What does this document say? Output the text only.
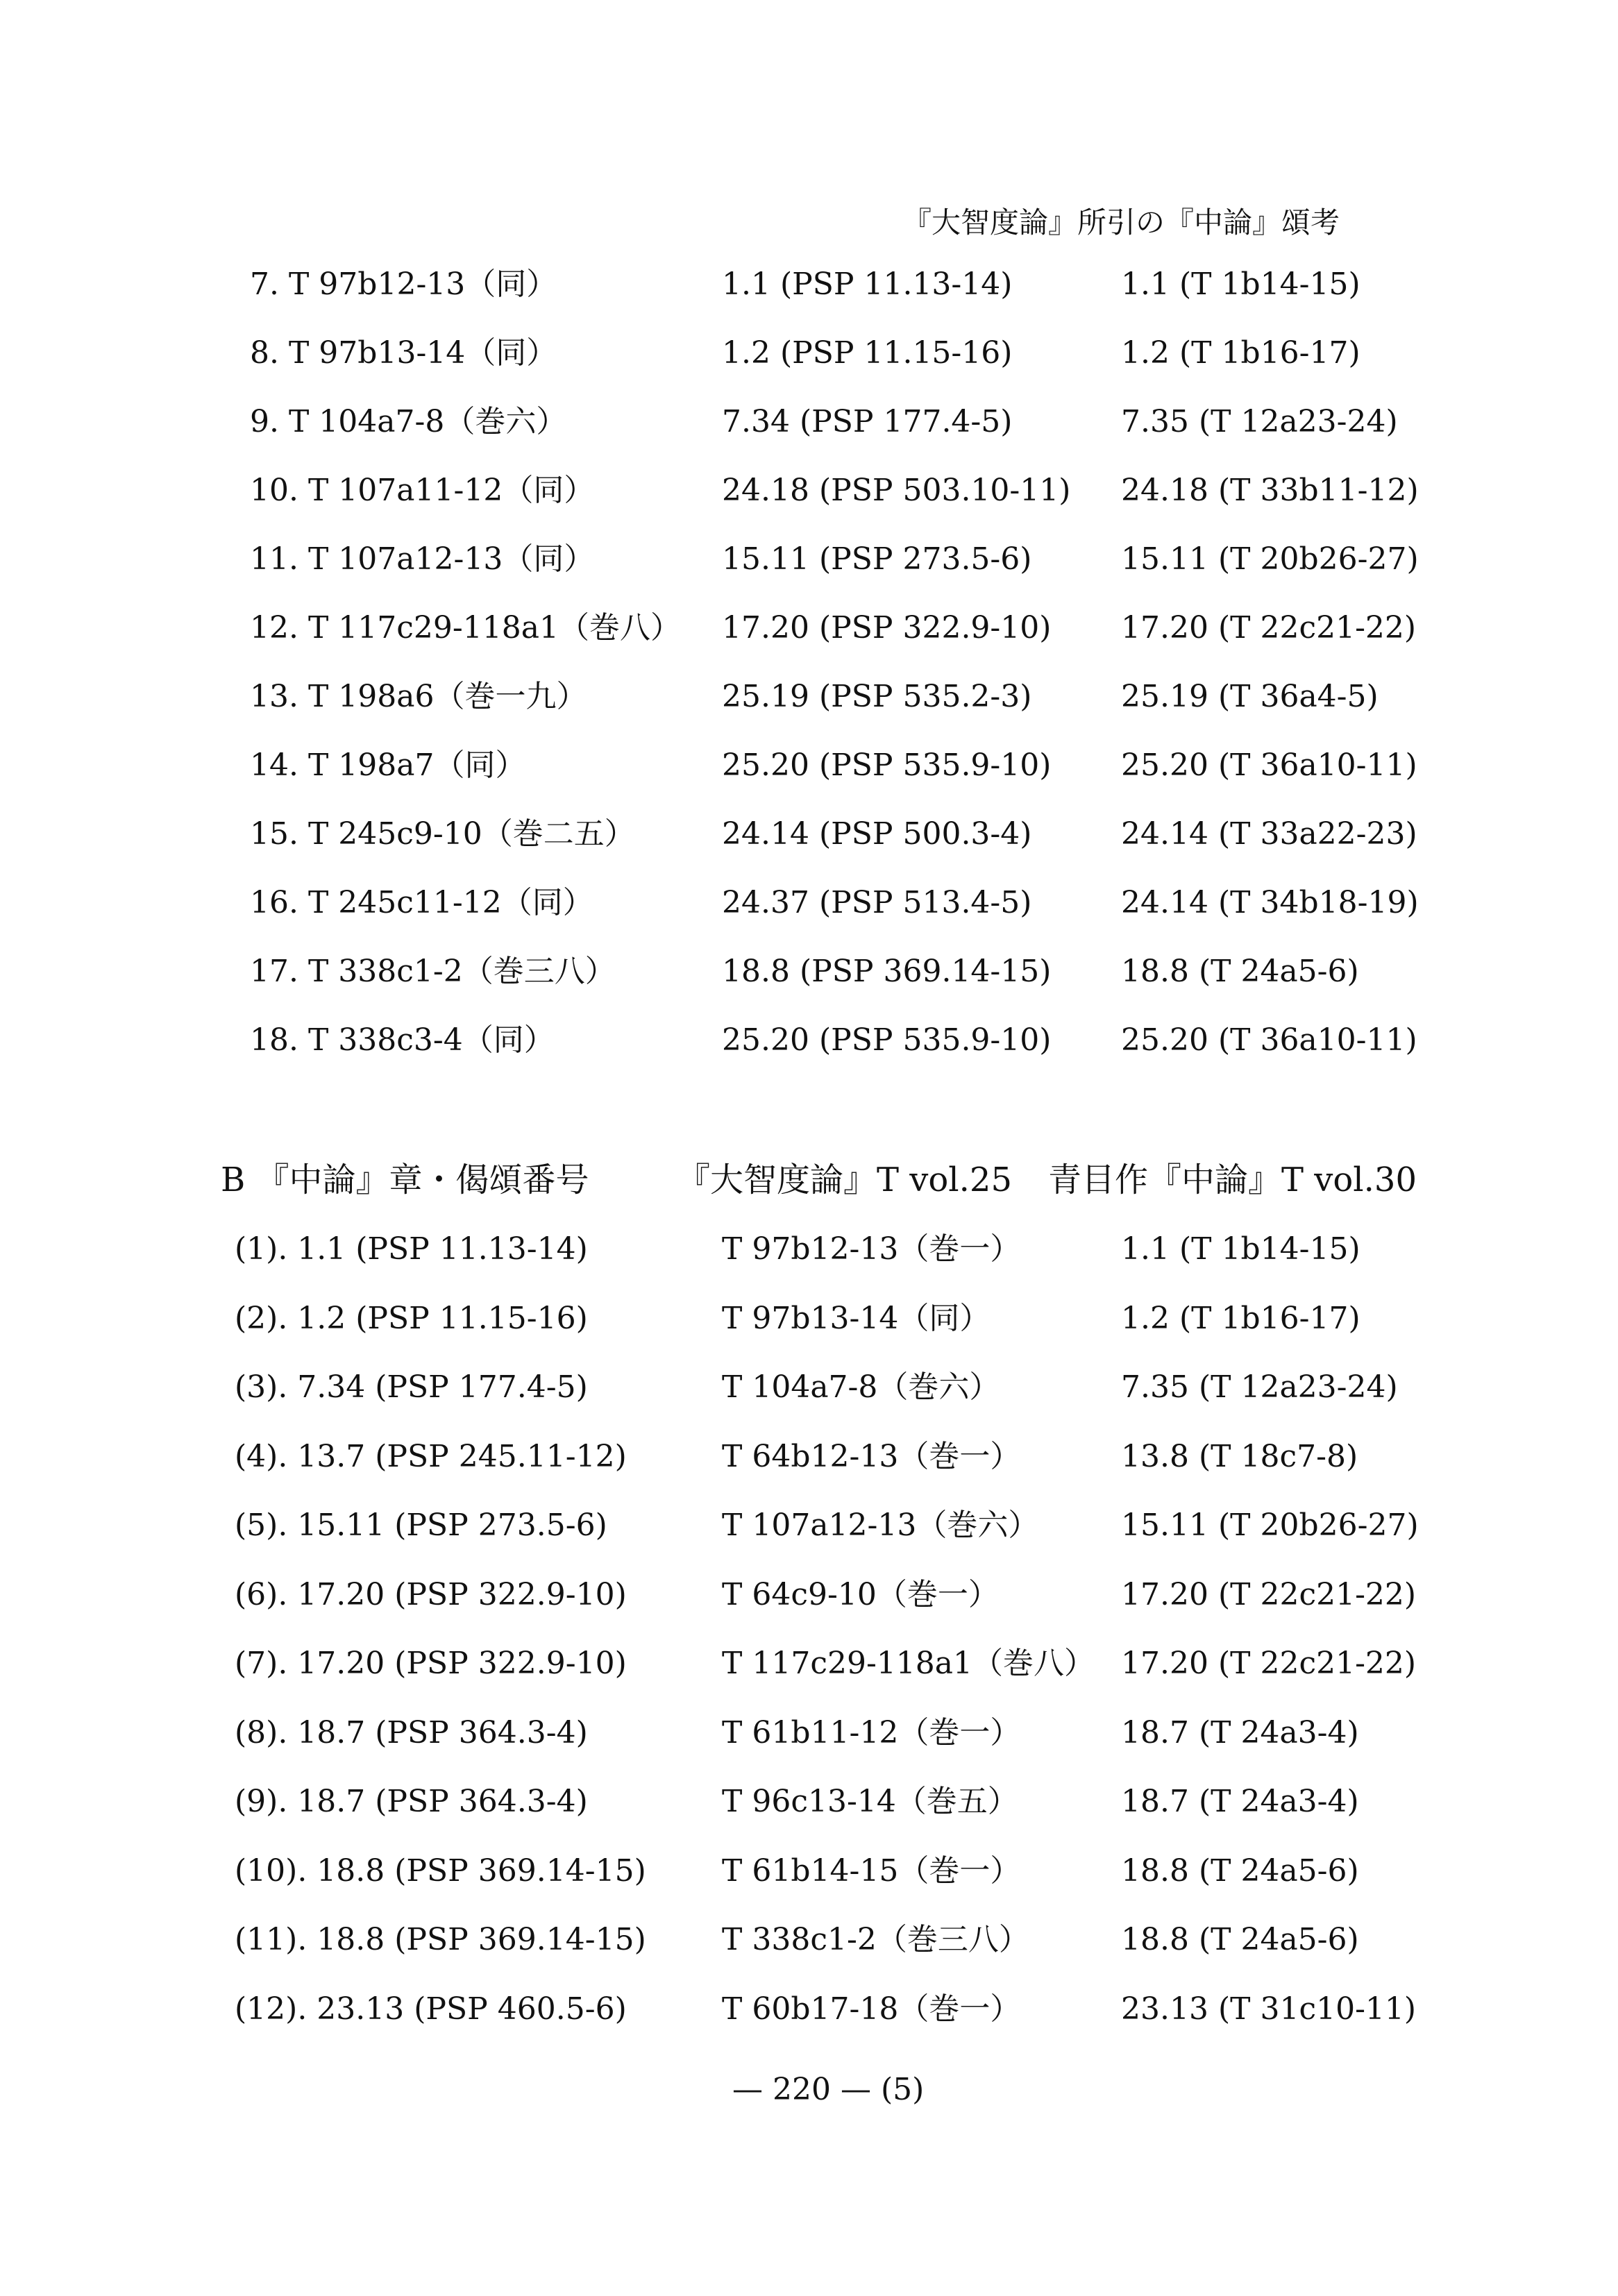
『大智度論』所引の『中論』頌考
7. T 97b12-13（同）	1.1 (PSP 11.13-14)	1.1 (T 1b14-15)
8. T 97b13-14（同）	1.2 (PSP 11.15-16)	1.2 (T 1b16-17)
9. T 104a7-8（巻六）	7.34 (PSP 177.4-5)	7.35 (T 12a23-24)
10. T 107a11-12（同）	24.18 (PSP 503.10-11) 24.18 (T 33b11-12)
11. T 107a12-13（同）	15.11 (PSP 273.5-6)	15.11 (T 20b26-27)
12. T 117c29-118a1（巻八） 17.20 (PSP 322.9-10) 17.20 (T 22c21-22)
13. T 198a6（巻一九）	25.19 (PSP 535.2-3)	25.19 (T 36a4-5)
14. T 198a7（同）	25.20 (PSP 535.9-10) 25.20 (T 36a10-11)
15. T 245c9-10（巻二五）	24.14 (PSP 500.3-4)	24.14 (T 33a22-23)
16. T 245c11-12（同）	24.37 (PSP 513.4-5)	24.14 (T 34b18-19)
17. T 338c1-2（巻三八）	18.8 (PSP 369.14-15) 18.8 (T 24a5-6)
18. T 338c3-4（同）	25.20 (PSP 535.9-10) 25.20 (T 36a10-11)
B 『中論』章・偈頌番号	『大智度論』T vol.25 青目作『中論』T vol.30
(1). 1.1 (PSP 11.13-14)	T 97b12-13（巻一）	1.1 (T 1b14-15)
(2). 1.2 (PSP 11.15-16)	T 97b13-14（同）	1.2 (T 1b16-17)
(3). 7.34 (PSP 177.4-5)	T 104a7-8（巻六）	7.35 (T 12a23-24)
(4). 13.7 (PSP 245.11-12)	T 64b12-13（巻一）	13.8 (T 18c7-8)
(5). 15.11 (PSP 273.5-6)	T 107a12-13（巻六）	15.11 (T 20b26-27)
(6). 17.20 (PSP 322.9-10)	T 64c9-10（巻一）	17.20 (T 22c21-22)
(7). 17.20 (PSP 322.9-10)	T 117c29-118a1（巻八） 17.20 (T 22c21-22)
(8). 18.7 (PSP 364.3-4)	T 61b11-12（巻一）	18.7 (T 24a3-4)
(9). 18.7 (PSP 364.3-4)	T 96c13-14（巻五）	18.7 (T 24a3-4)
(10). 18.8 (PSP 369.14-15) T 61b14-15（巻一）	18.8 (T 24a5-6)
(11). 18.8 (PSP 369.14-15) T 338c1-2（巻三八）	18.8 (T 24a5-6)
(12). 23.13 (PSP 460.5-6)	T 60b17-18（巻一）	23.13 (T 31c10-11)
— 220 — (5)
